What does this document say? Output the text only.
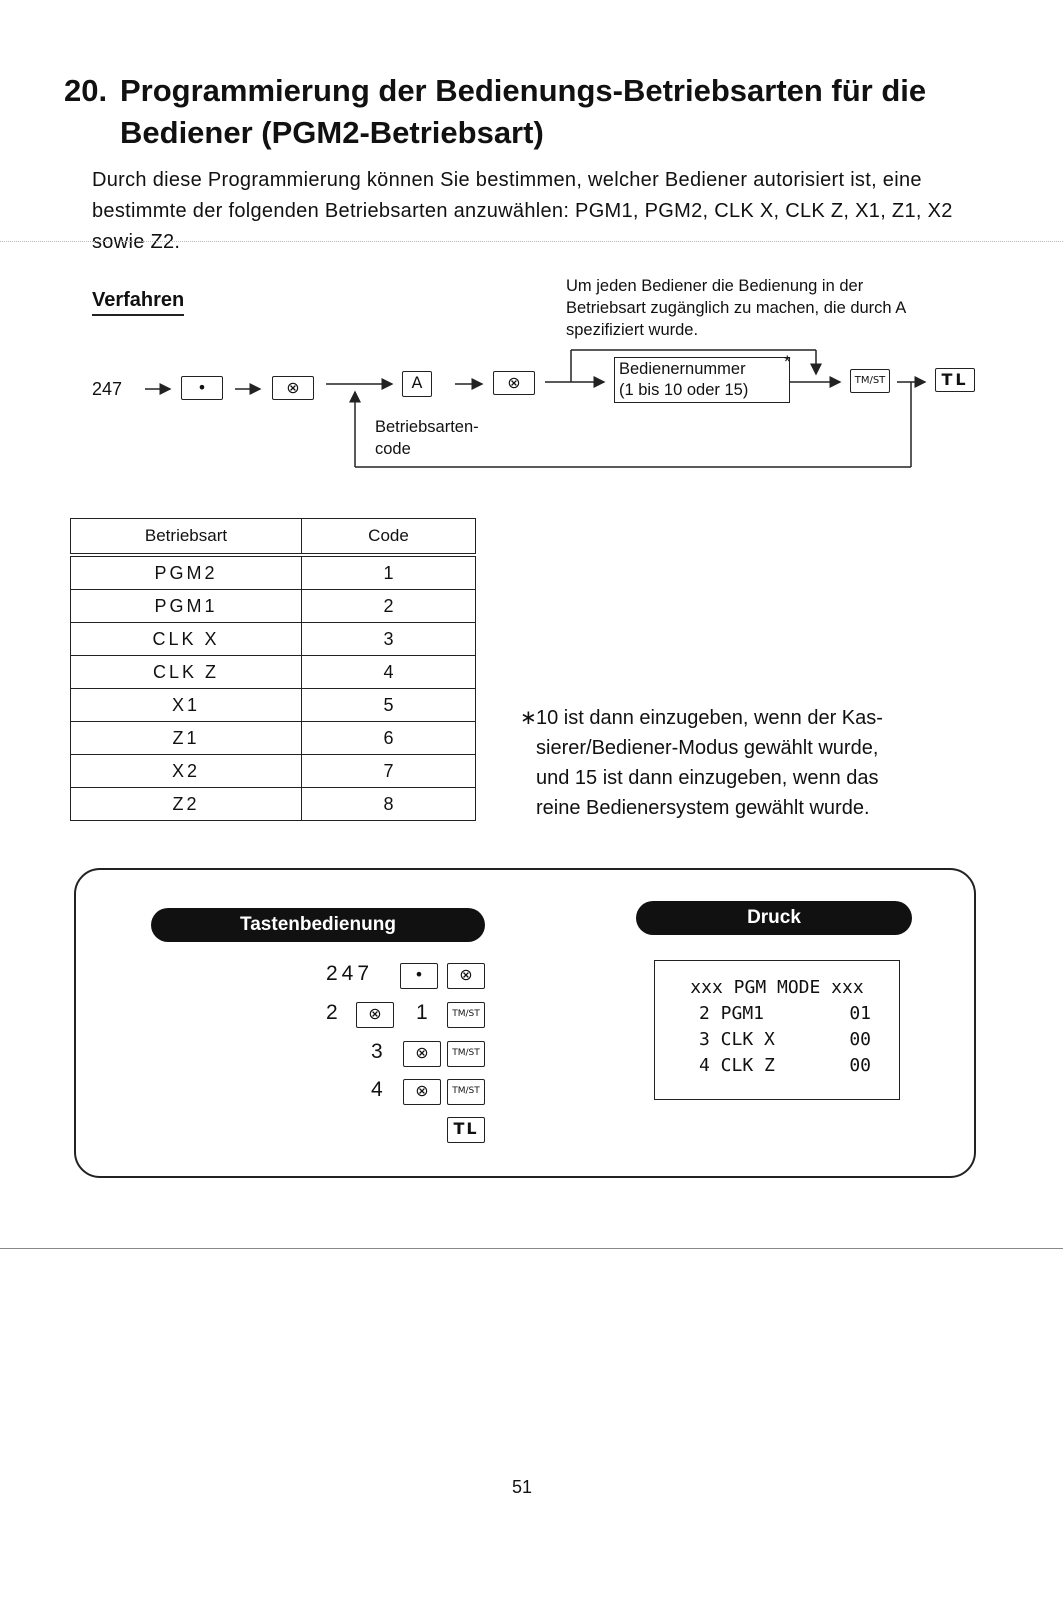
20. Programmierung der Bedienungs-Betriebsarten für die
Bediener (PGM2-Betriebsart)
Durch diese Programmierung können Sie bestimmen, welcher Bediener autorisiert ist, eine bestimmte der folgenden Betriebsarten anzuwählen: PGM1, PGM2, CLK X, CLK Z, X1, Z1, X2 sowie Z2.
Verfahren
Um jeden Bediener die Bedienung in der Betriebsart zugänglich zu machen, die durch A spezifiziert wurde.
247	•	⊗	A	⊗
Bedienernummer
(1 bis 10 oder 15)
*
TM/ST	TL
Betriebsarten-
code
Betriebsart	Code
PGM2	1
PGM1	2
CLK X	3
CLK Z	4
X1	5
Z1	6
X2	7
Z2	8
∗10 ist dann einzugeben, wenn der Kas-
sierer/Bediener-Modus gewählt wurde,
und 15 ist dann einzugeben, wenn das
reine Bedienersystem gewählt wurde.
Tastenbedienung	Druck
247	•	⊗
2	⊗	1	TM/ST
3	⊗	TM/ST
4	⊗	TM/ST
TL
xxx PGM MODE xxx
2 PGM1	01
3 CLK X	00
4 CLK Z	00
51
